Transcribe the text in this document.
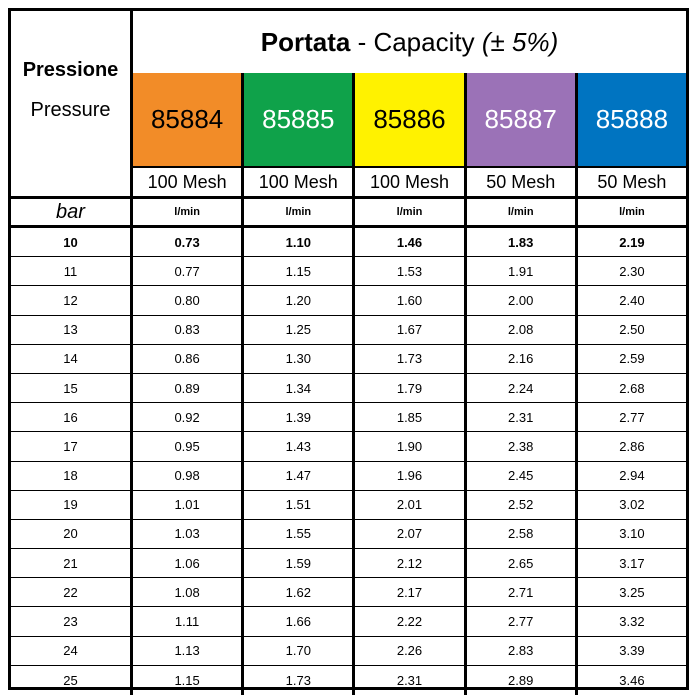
Pressione
Pressure
Portata - Capacity (± 5%)
85884	85885	85886	85887	85888
100 Mesh	100 Mesh	100 Mesh	50 Mesh	50 Mesh
bar	l/min	l/min	l/min	l/min	l/min
10	0.73	1.10	1.46	1.83	2.19
11	0.77	1.15	1.53	1.91	2.30
12	0.80	1.20	1.60	2.00	2.40
13	0.83	1.25	1.67	2.08	2.50
14	0.86	1.30	1.73	2.16	2.59
15	0.89	1.34	1.79	2.24	2.68
16	0.92	1.39	1.85	2.31	2.77
17	0.95	1.43	1.90	2.38	2.86
18	0.98	1.47	1.96	2.45	2.94
19	1.01	1.51	2.01	2.52	3.02
20	1.03	1.55	2.07	2.58	3.10
21	1.06	1.59	2.12	2.65	3.17
22	1.08	1.62	2.17	2.71	3.25
23	1.11	1.66	2.22	2.77	3.32
24	1.13	1.70	2.26	2.83	3.39
25	1.15	1.73	2.31	2.89	3.46
